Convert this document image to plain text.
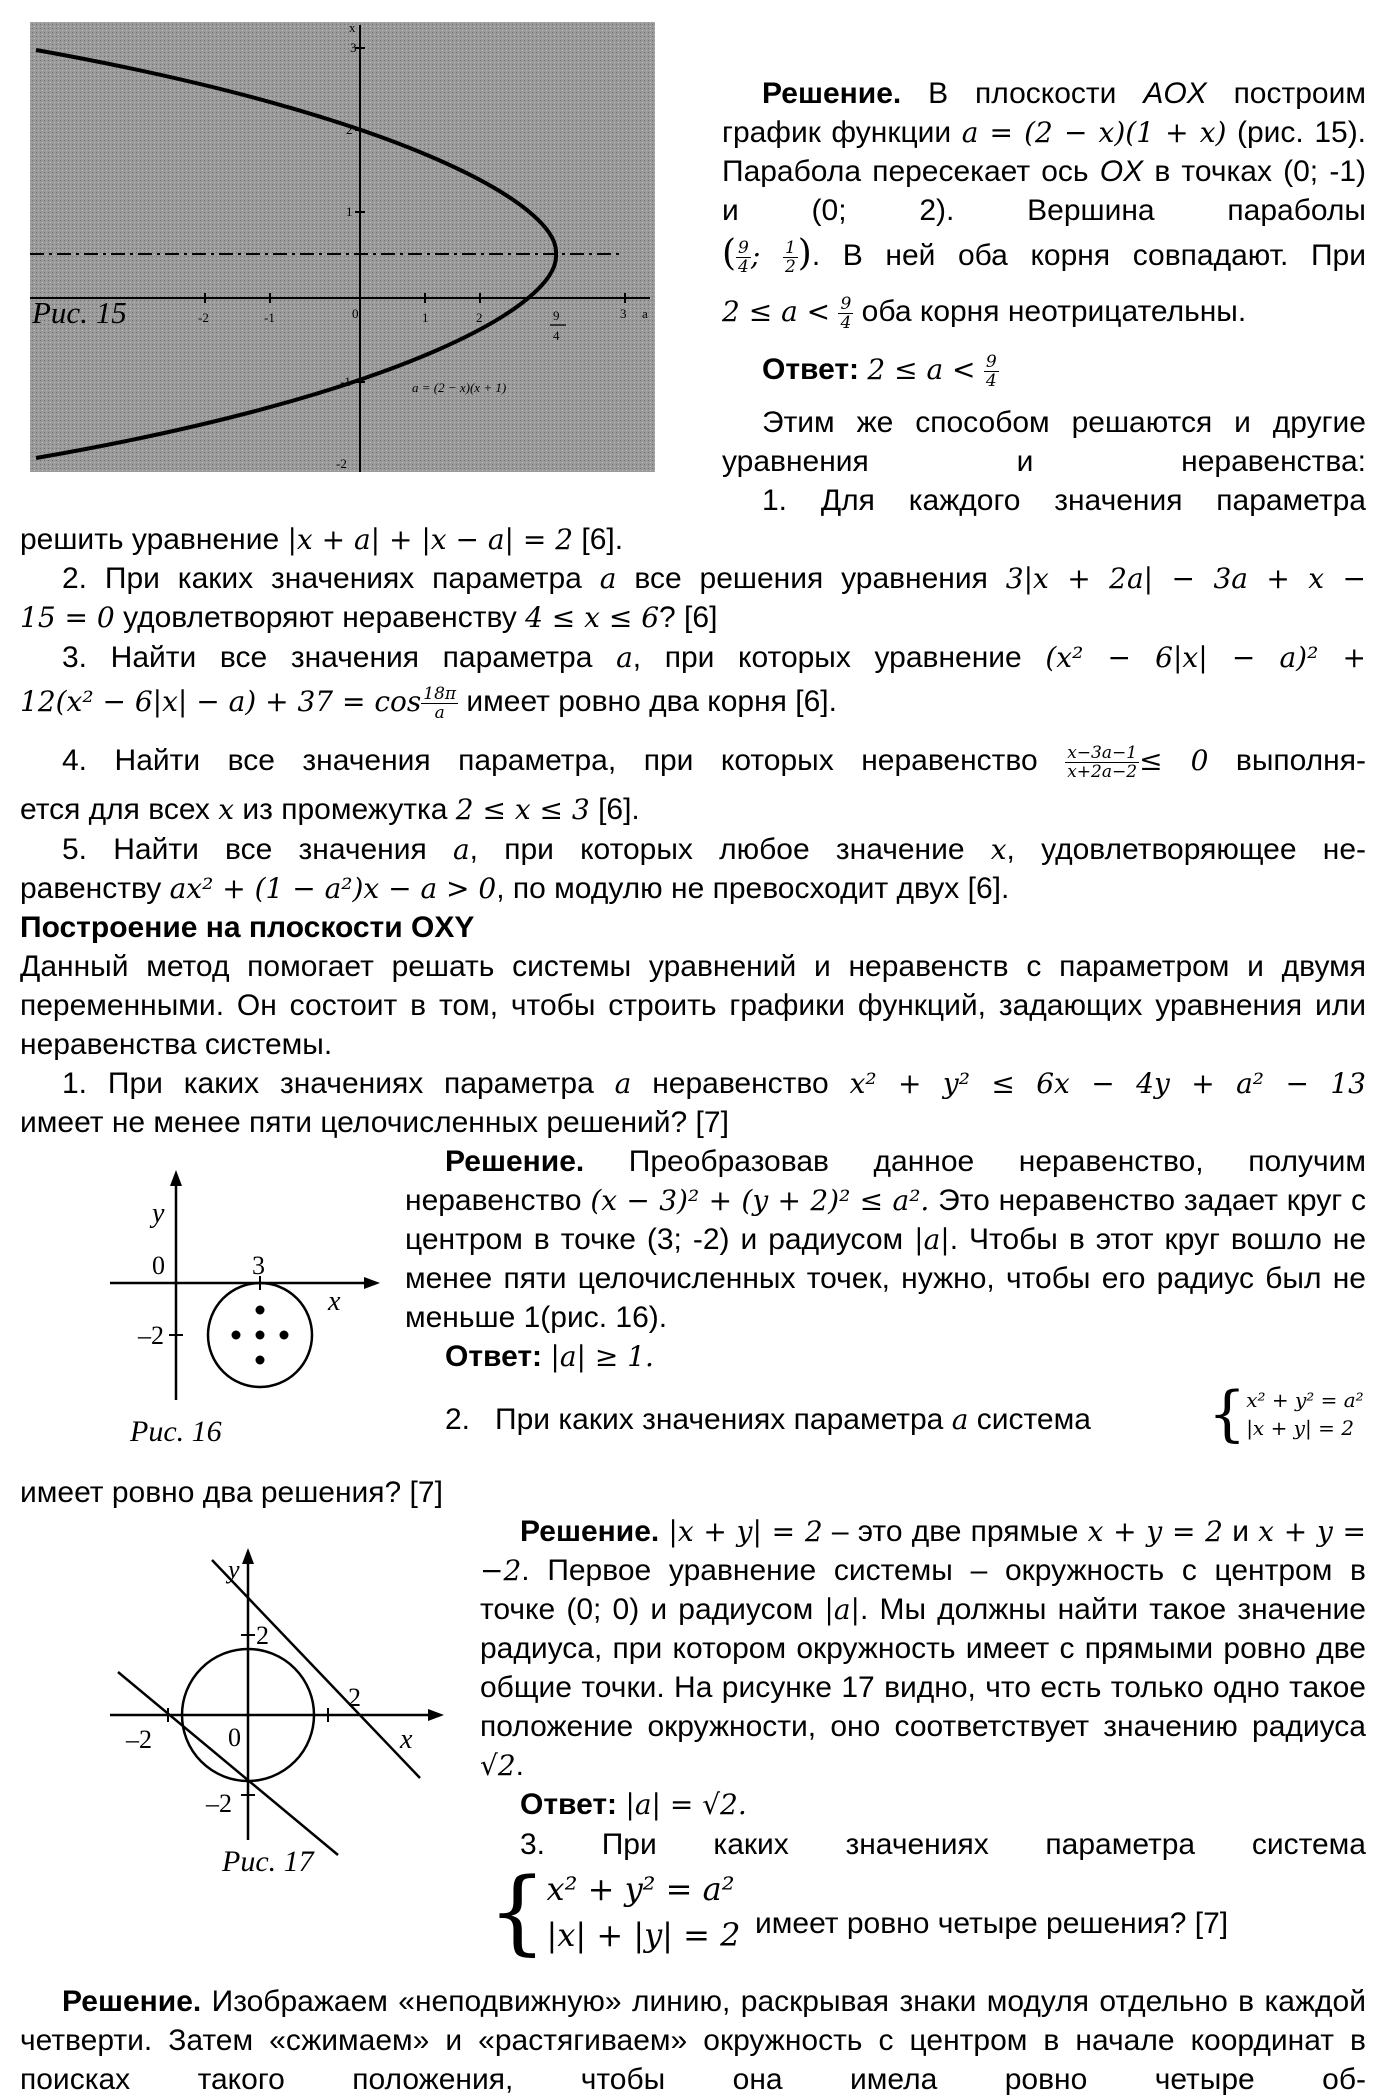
x
3
2
1
-1
-2
-2	-1	0	1	2	3 a
9
4
a = (2 − x)(x + 1)
Рис. 15
Решение. В плоскости AOX построим график функции a = (2 − x)(1 + x) (рис. 15). Парабола пересекает ось OX в точках (0; -1) и (0; 2). Вершина параболы
( $\frac{9}{4}$ ; $\frac{1}{2}$ ). В ней оба корня совпадают. При
$2 \le a < \frac{9}{4}$ оба корня неотрицательны.
Ответ: $2 \le a < \frac{9}{4}$
Этим же способом решаются и другие уравнения и неравенства:
1. Для каждого значения параметра
решить уравнение |x + a| + |x − a| = 2 [6].
2. При каких значениях параметра a все решения уравнения 3|x + 2a| − 3a + x −
15 = 0 удовлетворяют неравенству 4 ≤ x ≤ 6? [6]
3. Найти все значения параметра a, при которых уравнение (x² − 6|x| − a)² +
$12(x^2 - 6|x| - a) + 37 = \cos \frac{18\pi}{a}$ имеет ровно два корня [6].
4. Найти все значения параметра, при которых неравенство $\frac{x-3a-1}{x+2a-2} \le 0$ выполня-
ется для всех x из промежутка 2 ≤ x ≤ 3 [6].
5. Найти все значения a, при которых любое значение x, удовлетворяющее не-
равенству ax² + (1 − a²)x − a > 0, по модулю не превосходит двух [6].
Построение на плоскости OXY
Данный метод помогает решать системы уравнений и неравенств с параметром и двумя переменными. Он состоит в том, чтобы строить графики функций, задающих уравнения или неравенства системы.
1. При каких значениях параметра a неравенство x² + y² ≤ 6x − 4y + a² − 13
имеет не менее пяти целочисленных решений? [7]
y
x
0	3
–2
Рис. 16
Решение. Преобразовав данное неравенство, получим неравенство (x − 3)² + (y + 2)² ≤ a². Это неравенство задает круг с центром в точке (3; -2) и радиусом |a|. Чтобы в этот круг вошло не менее пяти целочисленных точек, нужно, чтобы его радиус был не меньше 1(рис. 16).
Ответ: |a| ≥ 1.
2. При каких значениях параметра a система	{ x² + y² = a²
|x + y| = 2
имеет ровно два решения? [7]
y
x
0
2
2
–2
–2
Рис. 17
Решение. |x + y| = 2 – это две прямые x + y = 2 и x + y = −2. Первое уравнение системы – окружность с центром в точке (0; 0) и радиусом |a|. Мы должны найти такое значение радиуса, при котором окружность имеет с прямыми ровно две общие точки. На рисунке 17 видно, что есть только одно такое положение окружности, оно соответствует значению радиуса √2.
Ответ: |a| = √2.
3. При каких значениях параметра система
{ x² + y² = a²
|x| + |y| = 2 имеет ровно четыре решения? [7]
Решение. Изображаем «неподвижную» линию, раскрывая знаки модуля отдельно в каждой четверти. Затем «сжимаем» и «растягиваем» окружность с центром в начале координат в поисках такого положения, чтобы она имела ровно четыре об-
